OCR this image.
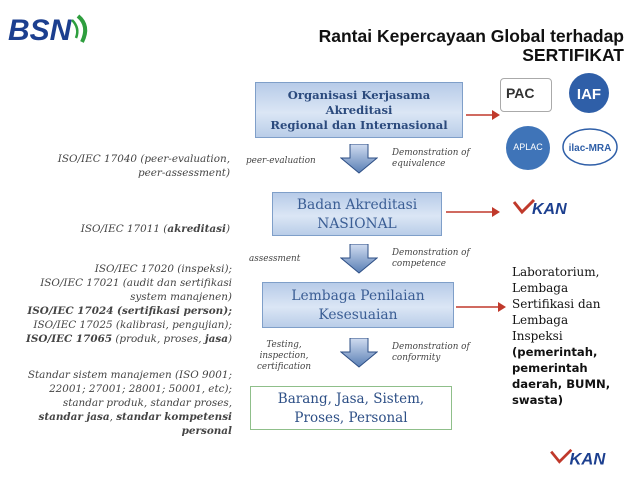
BSN	Rantai Kepercayaan Global terhadap
SERTIFIKAT
Organisasi Kerjasama
Akreditasi
Regional dan Internasional
peer-evaluation
Demonstration of
equivalence
Badan Akreditasi
NASIONAL
assessment
Demonstration of
competence
Lembaga Penilaian
Kesesuaian
Testing,
inspection,
certification
Demonstration of
conformity
Barang, Jasa, Sistem,
Proses, Personal
ISO/IEC 17040 (peer-evaluation,
peer-assessment)
ISO/IEC 17011 (akreditasi)
ISO/IEC 17020 (inspeksi);
ISO/IEC 17021 (audit dan sertifikasi
system manajenen)
ISO/IEC 17024 (sertifikasi person);
ISO/IEC 17025 (kalibrasi, pengujian);
ISO/IEC 17065 (produk, proses, jasa)
Standar sistem manajemen (ISO 9001;
22001; 27001; 28001; 50001, etc);
standar produk, standar proses,
standar jasa, standar kompetensi
personal
PAC	IAF
APLAC	ilac-MRA
KAN
KAN
Laboratorium,
Lembaga
Sertifikasi dan
Lembaga
Inspeksi
(pemerintah,
pemerintah
daerah, BUMN,
swasta)
